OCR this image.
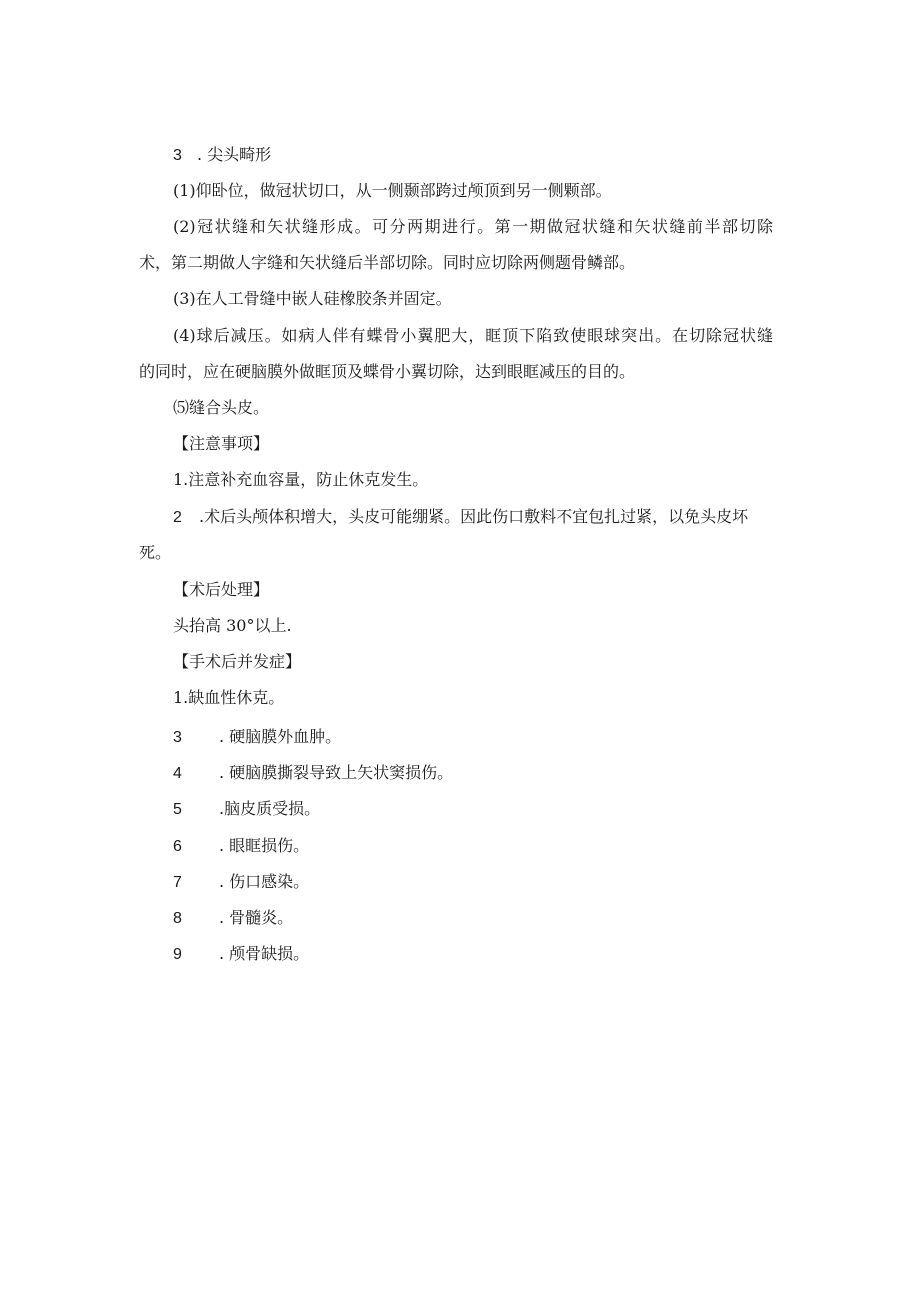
3 . 尖头畸形
(1)仰卧位，做冠状切口，从一侧颞部跨过颅顶到另一侧颗部。
(2)冠状缝和矢状缝形成。可分两期进行。第一期做冠状缝和矢状缝前半部切除
术，第二期做人字缝和矢状缝后半部切除。同时应切除两侧题骨鳞部。
(3)在人工骨缝中嵌人硅橡胶条并固定。
(4)球后减压。如病人伴有蝶骨小翼肥大，眶顶下陷致使眼球突出。在切除冠状缝
的同时，应在硬脑膜外做眶顶及蝶骨小翼切除，达到眼眶减压的目的。
⑸缝合头皮。
【注意事项】
1.注意补充血容量，防止休克发生。
2 .术后头颅体积增大，头皮可能绷紧。因此伤口敷料不宜包扎过紧，以免头皮坏
死。
【术后处理】
头抬高 30°以上.
【手术后并发症】
1.缺血性休克。
3 . 硬脑膜外血肿。
4 . 硬脑膜撕裂导致上矢状窦损伤。
5 .脑皮质受损。
6 . 眼眶损伤。
7 . 伤口感染。
8 . 骨髓炎。
9 . 颅骨缺损。
